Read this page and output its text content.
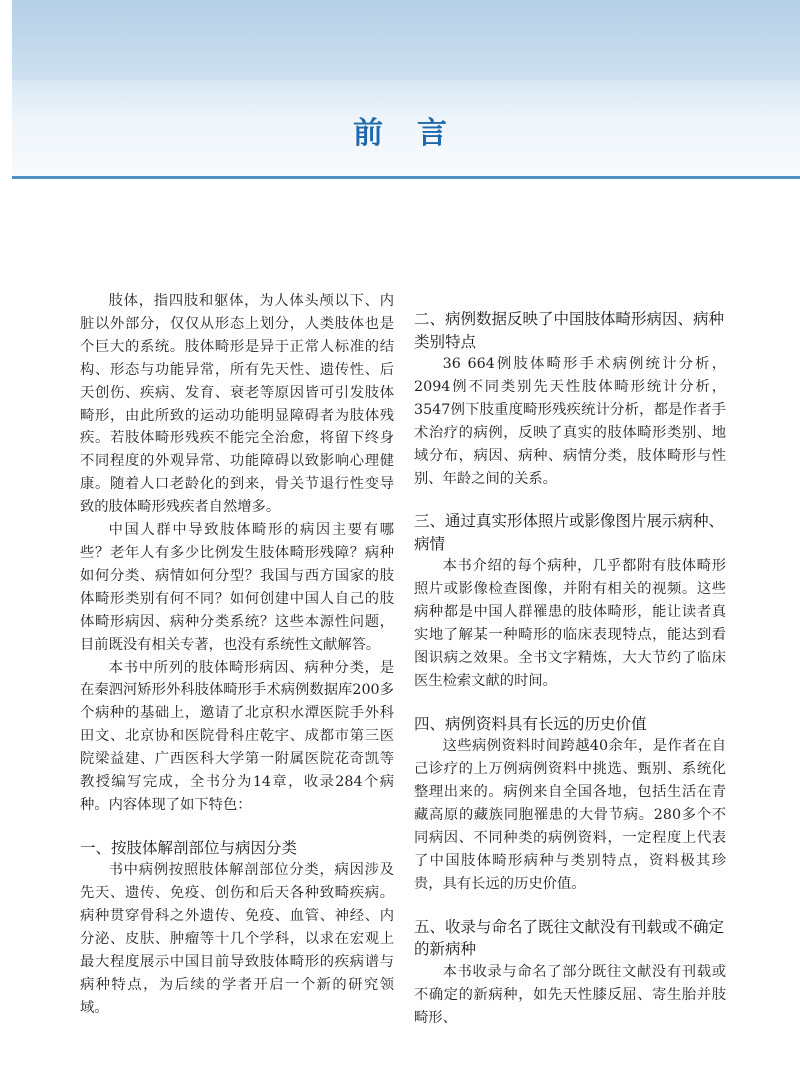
前言

肢体，指四肢和躯体，为人体头颅以下、内脏以外部分，仅仅从形态上划分，人类肢体也是个巨大的系统。肢体畸形是异于正常人标准的结构、形态与功能异常，所有先天性、遗传性、后天创伤、疾病、发育、衰老等原因皆可引发肢体畸形，由此所致的运动功能明显障碍者为肢体残疾。若肢体畸形残疾不能完全治愈，将留下终身不同程度的外观异常、功能障碍以致影响心理健康。随着人口老龄化的到来，骨关节退行性变导致的肢体畸形残疾者自然增多。

中国人群中导致肢体畸形的病因主要有哪些？老年人有多少比例发生肢体畸形残障？病种如何分类、病情如何分型？我国与西方国家的肢体畸形类别有何不同？如何创建中国人自己的肢体畸形病因、病种分类系统？这些本源性问题，目前既没有相关专著，也没有系统性文献解答。

本书中所列的肢体畸形病因、病种分类，是在秦泗河矫形外科肢体畸形手术病例数据库200多个病种的基础上，邀请了北京积水潭医院手外科田文、北京协和医院骨科庄乾宇、成都市第三医院梁益建、广西医科大学第一附属医院花奇凯等教授编写完成，全书分为14章，收录284个病种。内容体现了如下特色：

一、按肢体解剖部位与病因分类

书中病例按照肢体解剖部位分类，病因涉及先天、遗传、免疫、创伤和后天各种致畸疾病。病种贯穿骨科之外遗传、免疫、血管、神经、内分泌、皮肤、肿瘤等十几个学科，以求在宏观上最大程度展示中国目前导致肢体畸形的疾病谱与病种特点，为后续的学者开启一个新的研究领域。

二、病例数据反映了中国肢体畸形病因、病种类别特点

36 664例肢体畸形手术病例统计分析，2094例不同类别先天性肢体畸形统计分析，3547例下肢重度畸形残疾统计分析，都是作者手术治疗的病例，反映了真实的肢体畸形类别、地域分布，病因、病种、病情分类，肢体畸形与性别、年龄之间的关系。

三、通过真实形体照片或影像图片展示病种、病情

本书介绍的每个病种，几乎都附有肢体畸形照片或影像检查图像，并附有相关的视频。这些病种都是中国人群罹患的肢体畸形，能让读者真实地了解某一种畸形的临床表现特点，能达到看图识病之效果。全书文字精炼，大大节约了临床医生检索文献的时间。

四、病例资料具有长远的历史价值

这些病例资料时间跨越40余年，是作者在自己诊疗的上万例病例资料中挑选、甄别、系统化整理出来的。病例来自全国各地，包括生活在青藏高原的藏族同胞罹患的大骨节病。280多个不同病因、不同种类的病例资料，一定程度上代表了中国肢体畸形病种与类别特点，资料极其珍贵，具有长远的历史价值。

五、收录与命名了既往文献没有刊载或不确定的新病种

本书收录与命名了部分既往文献没有刊载或不确定的新病种，如先天性膝反屈、寄生胎并肢畸形、
